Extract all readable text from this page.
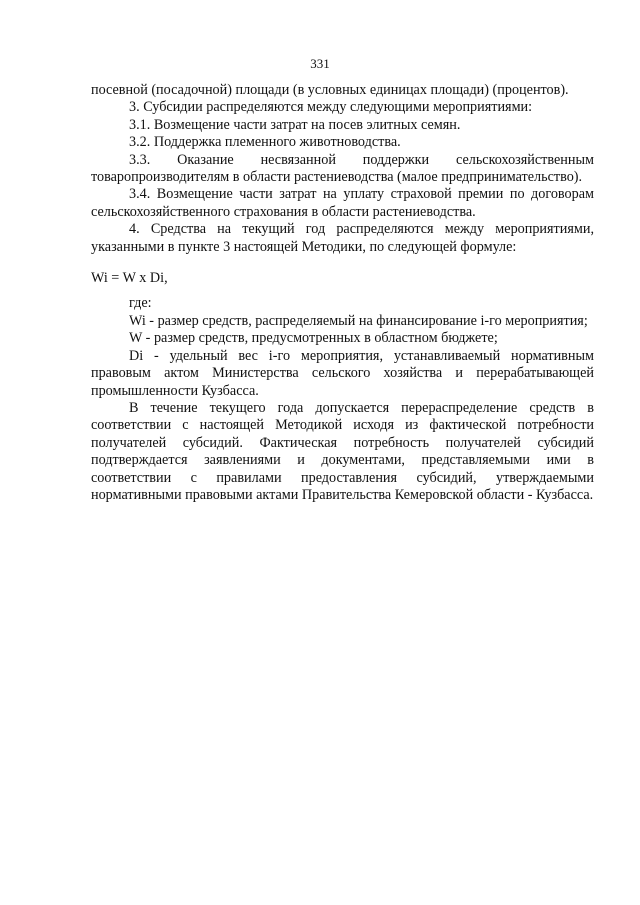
331

посевной (посадочной) площади (в условных единицах площади) (процентов).

3. Субсидии распределяются между следующими мероприятиями:

3.1. Возмещение части затрат на посев элитных семян.

3.2. Поддержка племенного животноводства.

3.3. Оказание несвязанной поддержки сельскохозяйственным товаропроизводителям в области растениеводства (малое предпринимательство).

3.4. Возмещение части затрат на уплату страховой премии по договорам сельскохозяйственного страхования в области растениеводства.

4. Средства на текущий год распределяются между мероприятиями, указанными в пункте 3 настоящей Методики, по следующей формуле:

Wi = W x Di,

где:

Wi - размер средств, распределяемый на финансирование i-го мероприятия;

W - размер средств, предусмотренных в областном бюджете;

Di - удельный вес i-го мероприятия, устанавливаемый нормативным правовым актом Министерства сельского хозяйства и перерабатывающей промышленности Кузбасса.

В течение текущего года допускается перераспределение средств в соответствии с настоящей Методикой исходя из фактической потребности получателей субсидий. Фактическая потребность получателей субсидий подтверждается заявлениями и документами, представляемыми ими в соответствии с правилами предоставления субсидий, утверждаемыми нормативными правовыми актами Правительства Кемеровской области - Кузбасса.
